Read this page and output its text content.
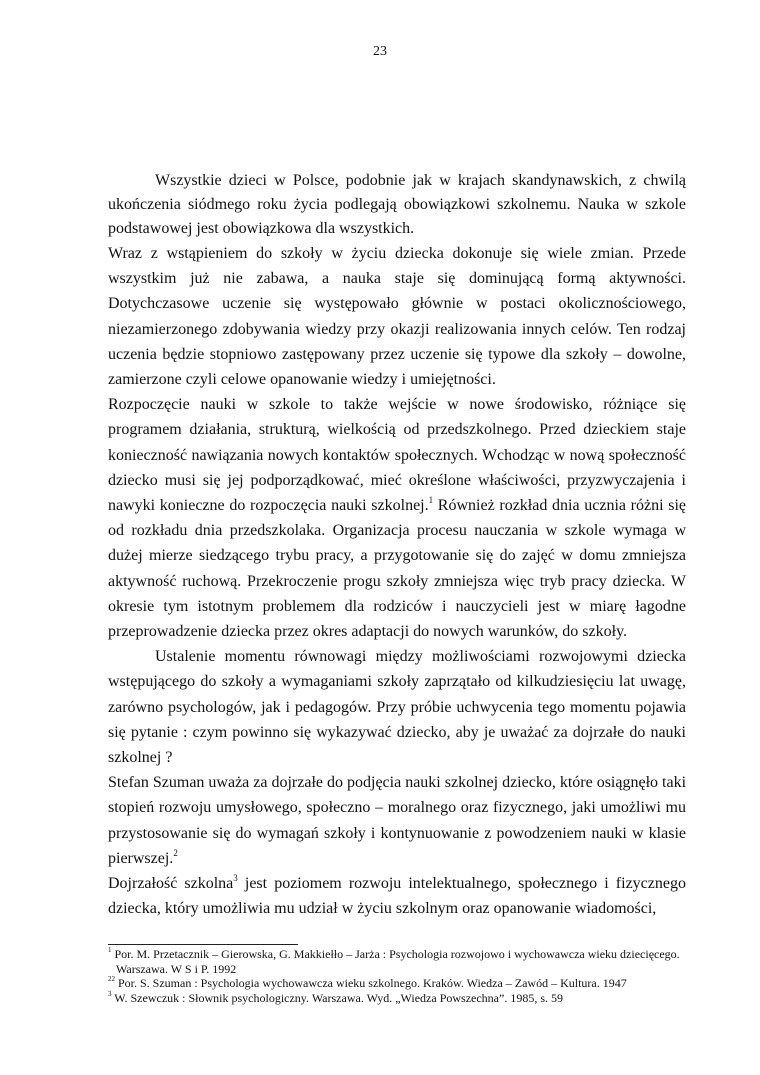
23

Wszystkie dzieci w Polsce, podobnie jak w krajach skandynawskich, z chwilą ukończenia siódmego roku życia podlegają obowiązkowi szkolnemu. Nauka w szkole podstawowej jest obowiązkowa dla wszystkich.

Wraz z wstąpieniem do szkoły w życiu dziecka dokonuje się wiele zmian. Przede wszystkim już nie zabawa, a nauka staje się dominującą formą aktywności. Dotychczasowe uczenie się występowało głównie w postaci okolicznościowego, niezamierzonego zdobywania wiedzy przy okazji realizowania innych celów. Ten rodzaj uczenia będzie stopniowo zastępowany przez uczenie się typowe dla szkoły – dowolne, zamierzone czyli celowe opanowanie wiedzy i umiejętności.

Rozpoczęcie nauki w szkole to także wejście w nowe środowisko, różniące się programem działania, strukturą, wielkością od przedszkolnego. Przed dzieckiem staje konieczność nawiązania nowych kontaktów społecznych. Wchodząc w nową społeczność dziecko musi się jej podporządkować, mieć określone właściwości, przyzwyczajenia i nawyki konieczne do rozpoczęcia nauki szkolnej.$^1$ Również rozkład dnia ucznia różni się od rozkładu dnia przedszkolaka. Organizacja procesu nauczania w szkole wymaga w dużej mierze siedzącego trybu pracy, a przygotowanie się do zajęć w domu zmniejsza aktywność ruchową. Przekroczenie progu szkoły zmniejsza więc tryb pracy dziecka. W okresie tym istotnym problemem dla rodziców i nauczycieli jest w miarę łagodne przeprowadzenie dziecka przez okres adaptacji do nowych warunków, do szkoły.

Ustalenie momentu równowagi między możliwościami rozwojowymi dziecka wstępującego do szkoły a wymaganiami szkoły zaprzątało od kilkudziesięciu lat uwagę, zarówno psychologów, jak i pedagogów. Przy próbie uchwycenia tego momentu pojawia się pytanie : czym powinno się wykazywać dziecko, aby je uważać za dojrzałe do nauki szkolnej ?

Stefan Szuman uważa za dojrzałe do podjęcia nauki szkolnej dziecko, które osiągnęło taki stopień rozwoju umysłowego, społeczno – moralnego oraz fizycznego, jaki umożliwi mu przystosowanie się do wymagań szkoły i kontynuowanie z powodzeniem nauki w klasie pierwszej.$^2$

Dojrzałość szkolna$^3$ jest poziomem rozwoju intelektualnego, społecznego i fizycznego dziecka, który umożliwia mu udział w życiu szkolnym oraz opanowanie wiadomości,

$^1$ Por. M. Przetacznik – Gierowska, G. Makkiełło – Jarża : Psychologia rozwojowo i wychowawcza wieku dziecięcego. Warszawa. W S i P. 1992

$^{22}$ Por. S. Szuman : Psychologia wychowawcza wieku szkolnego. Kraków. Wiedza – Zawód – Kultura. 1947

$^3$ W. Szewczuk : Słownik psychologiczny. Warszawa. Wyd. „Wiedza Powszechna”. 1985, s. 59
